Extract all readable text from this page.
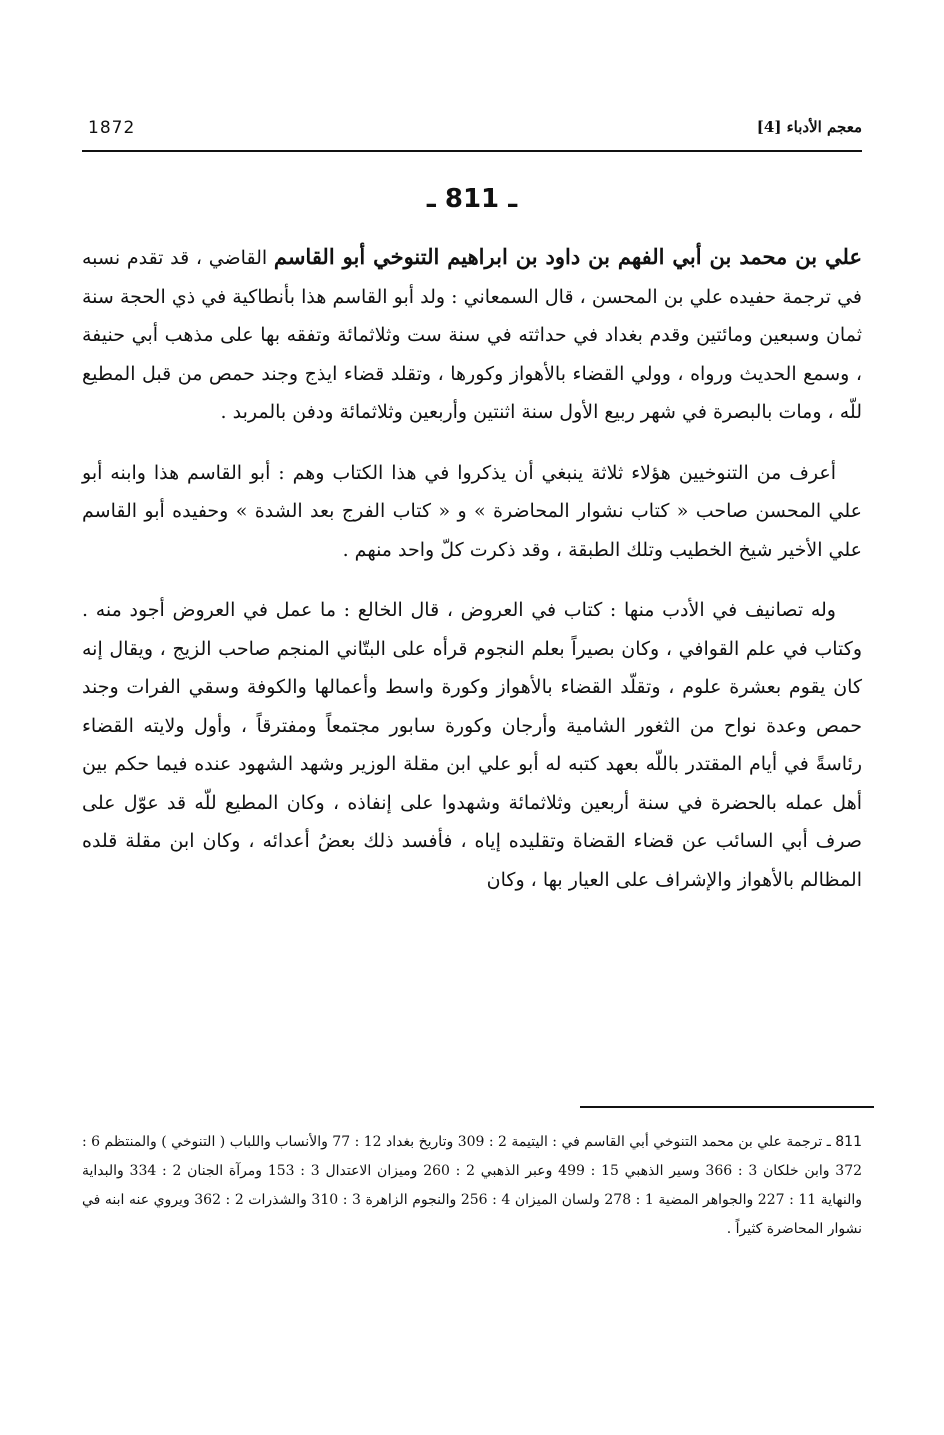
1872	معجم الأدباء [4]
ـ 811 ـ

علي بن محمد بن أبي الفهم بن داود بن ابراهيم التنوخي أبو القاسم القاضي ، قد تقدم نسبه في ترجمة حفيده علي بن المحسن ، قال السمعاني : ولد أبو القاسم هذا بأنطاكية في ذي الحجة سنة ثمان وسبعين ومائتين وقدم بغداد في حداثته في سنة ست وثلاثمائة وتفقه بها على مذهب أبي حنيفة ، وسمع الحديث ورواه ، وولي القضاء بالأهواز وكورها ، وتقلد قضاء ايذج وجند حمص من قبل المطيع للّه ، ومات بالبصرة في شهر ربيع الأول سنة اثنتين وأربعين وثلاثمائة ودفن بالمربد .

أعرف من التنوخيين هؤلاء ثلاثة ينبغي أن يذكروا في هذا الكتاب وهم : أبو القاسم هذا وابنه أبو علي المحسن صاحب « كتاب نشوار المحاضرة » و « كتاب الفرج بعد الشدة » وحفيده أبو القاسم علي الأخير شيخ الخطيب وتلك الطبقة ، وقد ذكرت كلّ واحد منهم .

وله تصانيف في الأدب منها : كتاب في العروض ، قال الخالع : ما عمل في العروض أجود منه . وكتاب في علم القوافي ، وكان بصيراً بعلم النجوم قرأه على البتّاني المنجم صاحب الزيج ، ويقال إنه كان يقوم بعشرة علوم ، وتقلّد القضاء بالأهواز وكورة واسط وأعمالها والكوفة وسقي الفرات وجند حمص وعدة نواح من الثغور الشامية وأرجان وكورة سابور مجتمعاً ومفترقاً ، وأول ولايته القضاء رئاسةً في أيام المقتدر باللّه بعهد كتبه له أبو علي ابن مقلة الوزير وشهد الشهود عنده فيما حكم بين أهل عمله بالحضرة في سنة أربعين وثلاثمائة وشهدوا على إنفاذه ، وكان المطيع للّه قد عوّل على صرف أبي السائب عن قضاء القضاة وتقليده إياه ، فأفسد ذلك بعضُ أعدائه ، وكان ابن مقلة قلده المظالم بالأهواز والإشراف على العيار بها ، وكان

811 ـ ترجمة علي بن محمد التنوخي أبي القاسم في : اليتيمة 2 : 309 وتاريخ بغداد 12 : 77 والأنساب واللباب ( التنوخي ) والمنتظم 6 : 372 وابن خلكان 3 : 366 وسير الذهبي 15 : 499 وعبر الذهبي 2 : 260 وميزان الاعتدال 3 : 153 ومرآة الجنان 2 : 334 والبداية والنهاية 11 : 227 والجواهر المضية 1 : 278 ولسان الميزان 4 : 256 والنجوم الزاهرة 3 : 310 والشذرات 2 : 362 ويروي عنه ابنه في نشوار المحاضرة كثيراً .
